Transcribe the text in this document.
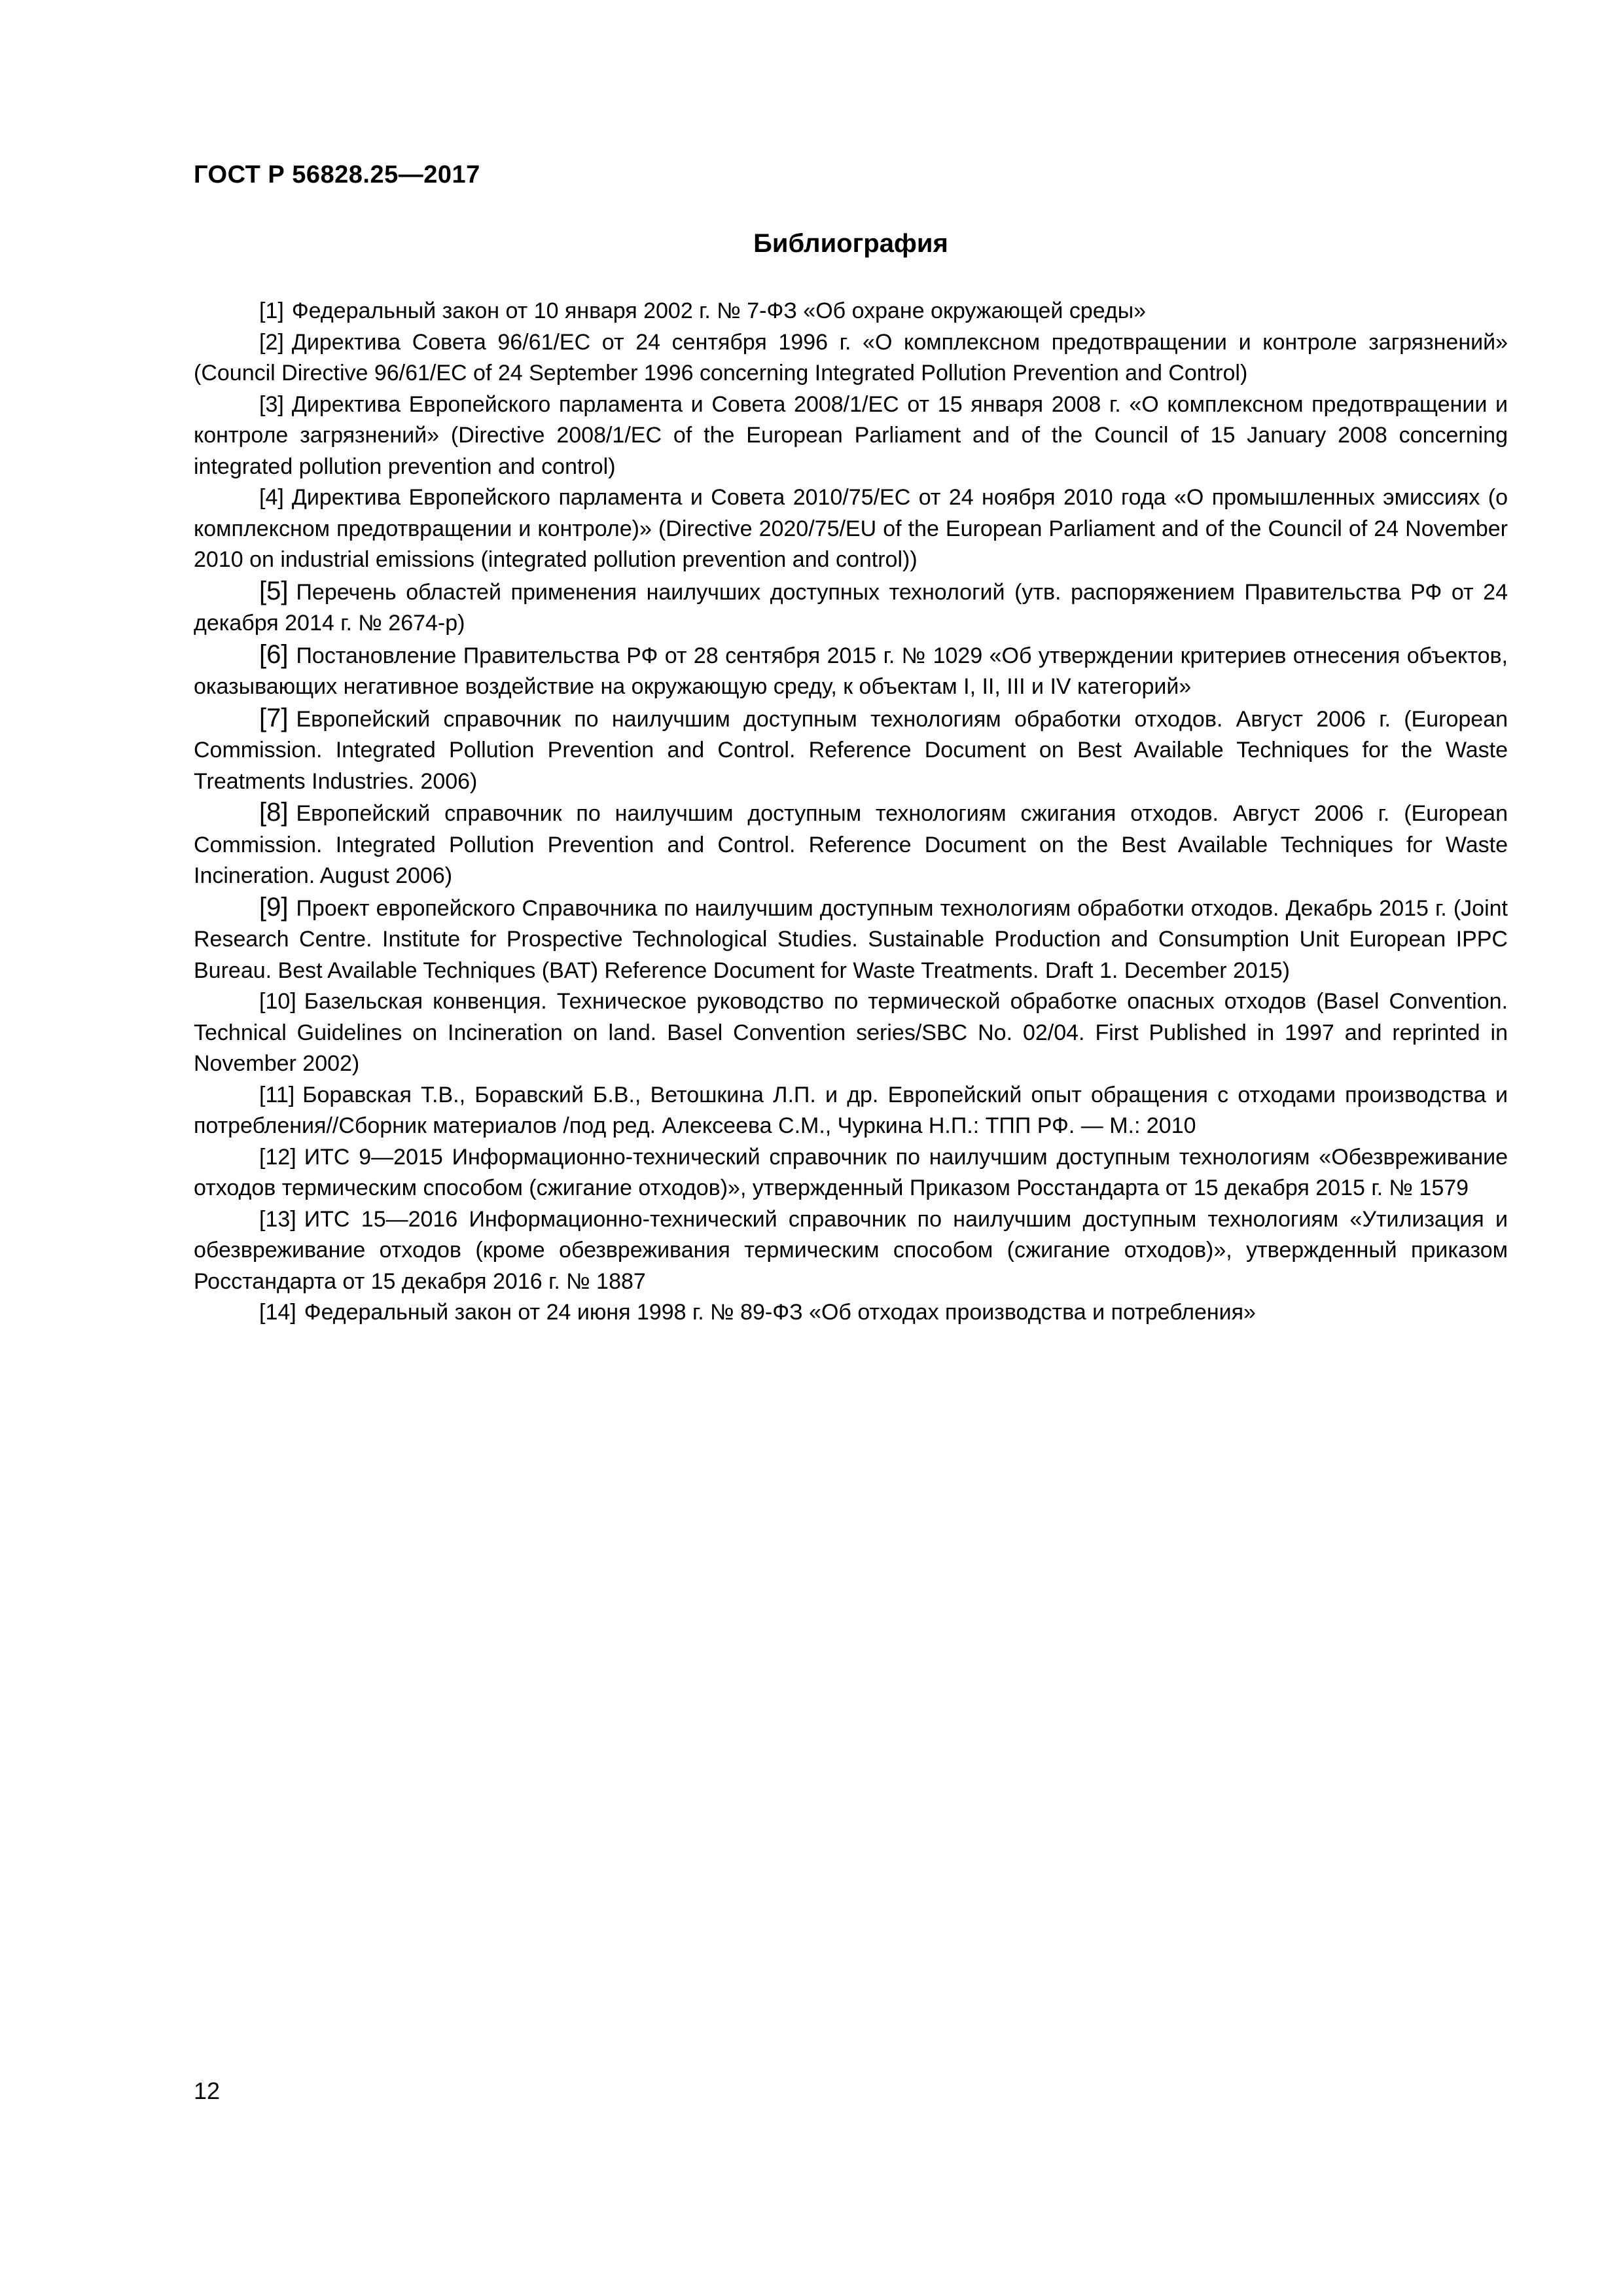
ГОСТ Р 56828.25—2017

Библиография
[1] Федеральный закон от 10 января 2002 г. № 7-ФЗ «Об охране окружающей среды»
[2] Директива Совета 96/61/ЕС от 24 сентября 1996 г. «О комплексном предотвращении и контроле загрязнений» (Council Directive 96/61/EC of 24 September 1996 concerning Integrated Pollution Prevention and Control)
[3] Директива Европейского парламента и Совета 2008/1/ЕС от 15 января 2008 г. «О комплексном предотвращении и контроле загрязнений» (Directive 2008/1/EC of the European Parliament and of the Council of 15 January 2008 concerning integrated pollution prevention and control)
[4] Директива Европейского парламента и Совета 2010/75/ЕС от 24 ноября 2010 года «О промышленных эмиссиях (о комплексном предотвращении и контроле)» (Directive 2020/75/EU of the European Parliament and of the Council of 24 November 2010 on industrial emissions (integrated pollution prevention and control))
[5] Перечень областей применения наилучших доступных технологий (утв. распоряжением Правительства РФ от 24 декабря 2014 г. № 2674-р)
[6] Постановление Правительства РФ от 28 сентября 2015 г. № 1029 «Об утверждении критериев отнесения объектов, оказывающих негативное воздействие на окружающую среду, к объектам I, II, III и IV категорий»
[7] Европейский справочник по наилучшим доступным технологиям обработки отходов. Август 2006 г. (European Commission. Integrated Pollution Prevention and Control. Reference Document on Best Available Techniques for the Waste Treatments Industries. 2006)
[8] Европейский справочник по наилучшим доступным технологиям сжигания отходов. Август 2006 г. (European Commission. Integrated Pollution Prevention and Control. Reference Document on the Best Available Techniques for Waste Incineration. August 2006)
[9] Проект европейского Справочника по наилучшим доступным технологиям обработки отходов. Декабрь 2015 г. (Joint Research Centre. Institute for Prospective Technological Studies. Sustainable Production and Consumption Unit European IPPC Bureau. Best Available Techniques (BAT) Reference Document for Waste Treatments. Draft 1. December 2015)
[10] Базельская конвенция. Техническое руководство по термической обработке опасных отходов (Basel Convention. Technical Guidelines on Incineration on land. Basel Convention series/SBC No. 02/04. First Published in 1997 and reprinted in November 2002)
[11] Боравская Т.В., Боравский Б.В., Ветошкина Л.П. и др. Европейский опыт обращения с отходами производства и потребления//Сборник материалов /под ред. Алексеева С.М., Чуркина Н.П.: ТПП РФ. — М.: 2010
[12] ИТС 9—2015 Информационно-технический справочник по наилучшим доступным технологиям «Обезвреживание отходов термическим способом (сжигание отходов)», утвержденный Приказом Росстандарта от 15 декабря 2015 г. № 1579
[13] ИТС 15—2016 Информационно-технический справочник по наилучшим доступным технологиям «Утилизация и обезвреживание отходов (кроме обезвреживания термическим способом (сжигание отходов)», утвержденный приказом Росстандарта от 15 декабря 2016 г. № 1887
[14] Федеральный закон от 24 июня 1998 г. № 89-ФЗ «Об отходах производства и потребления»

12
